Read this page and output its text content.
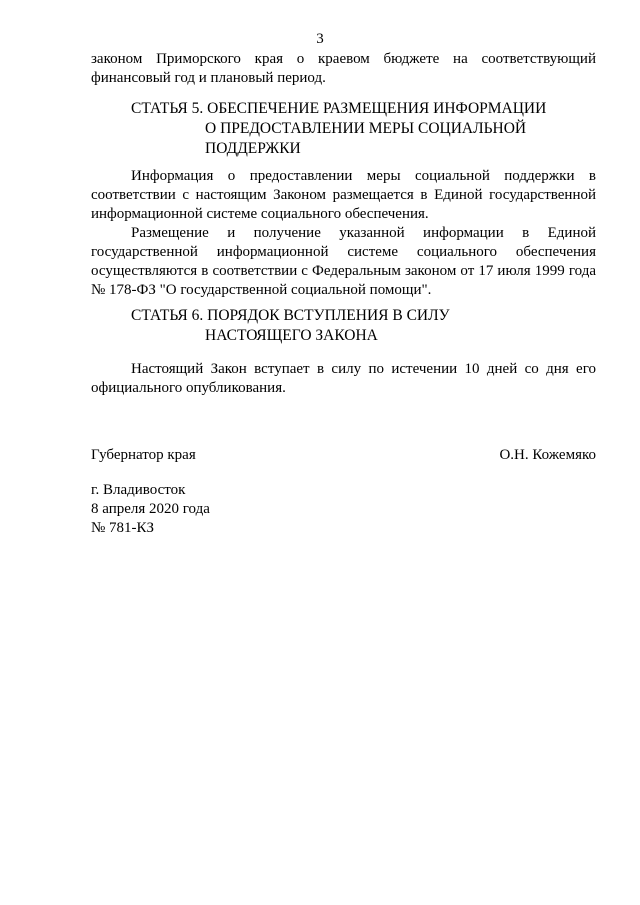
3
законом Приморского края о краевом бюджете на соответствующий финансовый год и плановый период.
СТАТЬЯ 5. ОБЕСПЕЧЕНИЕ РАЗМЕЩЕНИЯ ИНФОРМАЦИИ
О ПРЕДОСТАВЛЕНИИ МЕРЫ СОЦИАЛЬНОЙ
ПОДДЕРЖКИ
Информация о предоставлении меры социальной поддержки в соответствии с настоящим Законом размещается в Единой государственной информационной системе социального обеспечения.
Размещение и получение указанной информации в Единой государственной информационной системе социального обеспечения осуществляются в соответствии с Федеральным законом от 17 июля 1999 года № 178-ФЗ "О государственной социальной помощи".
СТАТЬЯ 6. ПОРЯДОК ВСТУПЛЕНИЯ В СИЛУ
НАСТОЯЩЕГО ЗАКОНА
Настоящий Закон вступает в силу по истечении 10 дней со дня его официального опубликования.
Губернатор края	О.Н. Кожемяко
г. Владивосток
8 апреля 2020 года
№ 781-КЗ
